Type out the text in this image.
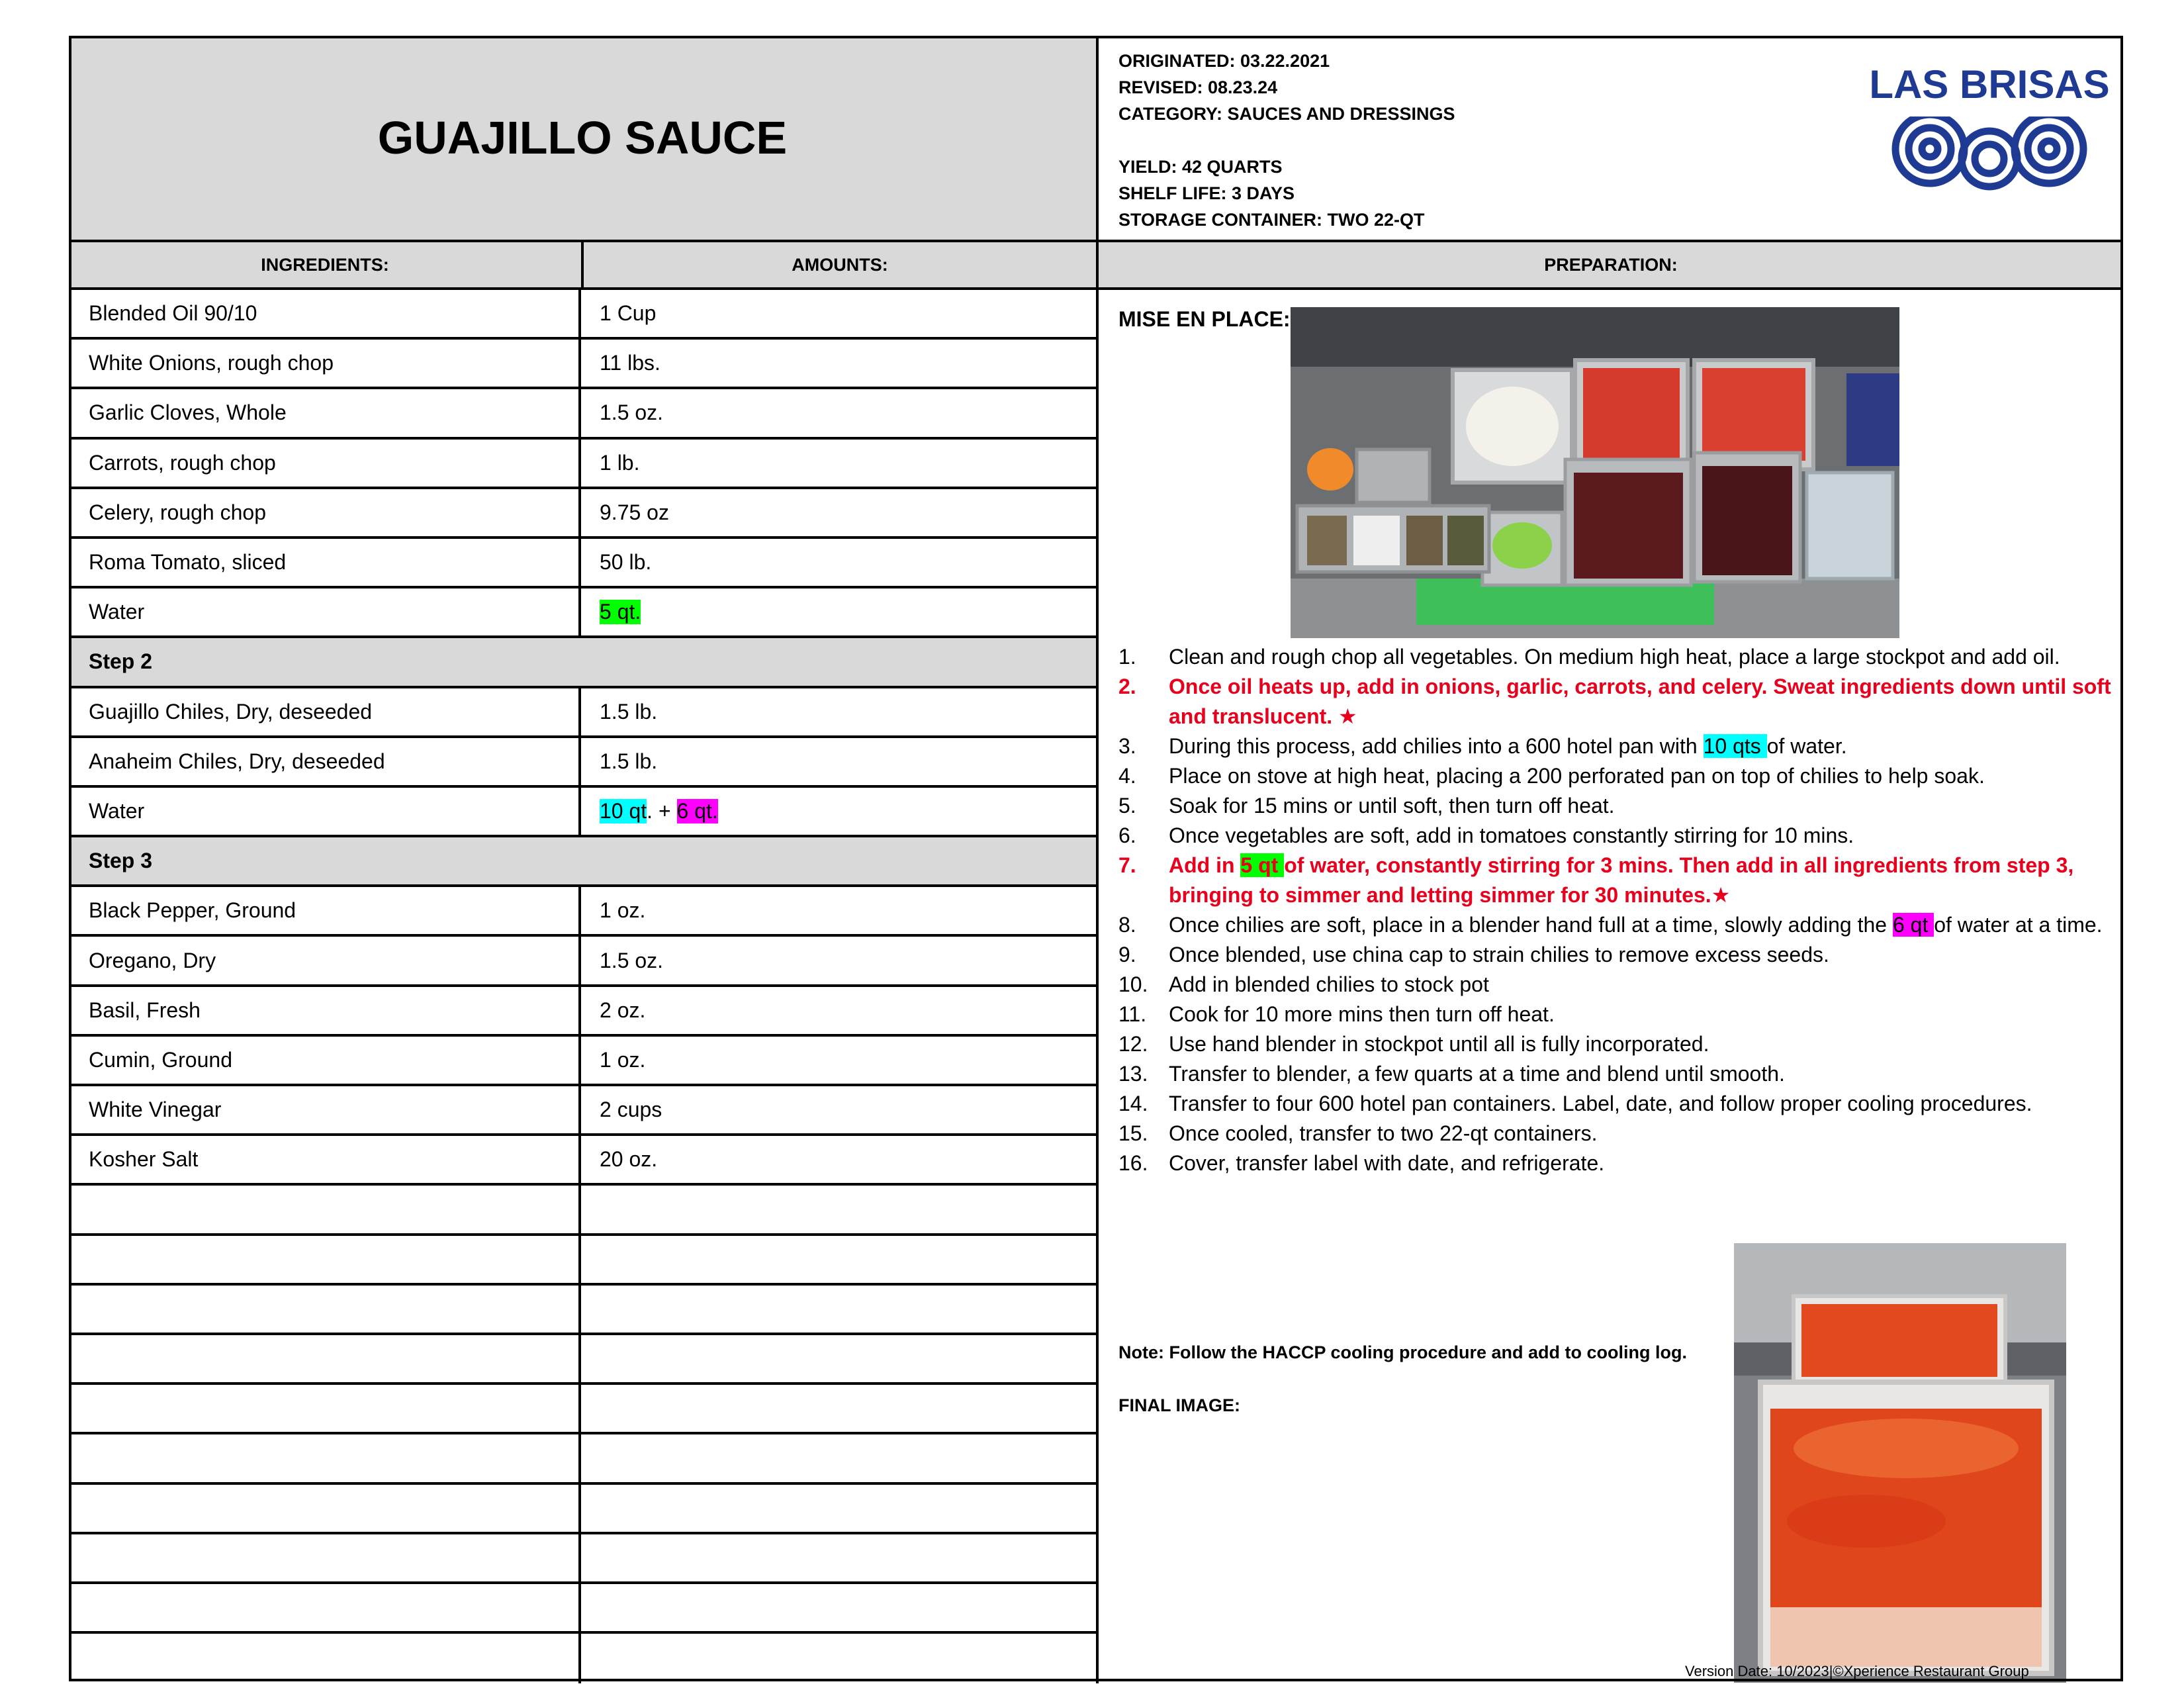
GUAJILLO SAUCE
ORIGINATED: 03.22.2021
REVISED: 08.23.24
CATEGORY: SAUCES AND DRESSINGS
YIELD: 42 QUARTS
SHELF LIFE: 3 DAYS
STORAGE CONTAINER: TWO 22-QT
LAS BRISAS
INGREDIENTS:	AMOUNTS:	PREPARATION:
Blended Oil 90/10	1 Cup
White Onions, rough chop	11 lbs.
Garlic Cloves, Whole	1.5 oz.
Carrots, rough chop	1 lb.
Celery, rough chop	9.75 oz
Roma Tomato, sliced	50 lb.
Water	5 qt.
Step 2
Guajillo Chiles, Dry, deseeded	1.5 lb.
Anaheim Chiles, Dry, deseeded	1.5 lb.
Water	10 qt . + 6 qt.
Step 3
Black Pepper, Ground	1 oz.
Oregano, Dry	1.5 oz.
Basil, Fresh	2 oz.
Cumin, Ground	1 oz.
White Vinegar	2 cups
Kosher Salt	20 oz.
MISE EN PLACE:
1.	Clean and rough chop all vegetables. On medium high heat, place a large stockpot and add oil.
2.	Once oil heats up, add in onions, garlic, carrots, and celery. Sweat ingredients down until soft and translucent. ★
3.	During this process, add chilies into a 600 hotel pan with 10 qts of water.
4.	Place on stove at high heat, placing a 200 perforated pan on top of chilies to help soak.
5.	Soak for 15 mins or until soft, then turn off heat.
6.	Once vegetables are soft, add in tomatoes constantly stirring for 10 mins.
7.	Add in 5 qt of water, constantly stirring for 3 mins. Then add in all ingredients from step 3, bringing to simmer and letting simmer for 30 minutes.★
8.	Once chilies are soft, place in a blender hand full at a time, slowly adding the 6 qt of water at a time.
9.	Once blended, use china cap to strain chilies to remove excess seeds.
10. Add in blended chilies to stock pot
11.	Cook for 10 more mins then turn off heat.
12. Use hand blender in stockpot until all is fully incorporated.
13. Transfer to blender, a few quarts at a time and blend until smooth.
14. Transfer to four 600 hotel pan containers. Label, date, and follow proper cooling procedures.
15. Once cooled, transfer to two 22-qt containers.
16. Cover, transfer label with date, and refrigerate.
Note: Follow the HACCP cooling procedure and add to cooling log.
FINAL IMAGE:
Version Date: 10/2023|©Xperience Restaurant Group
